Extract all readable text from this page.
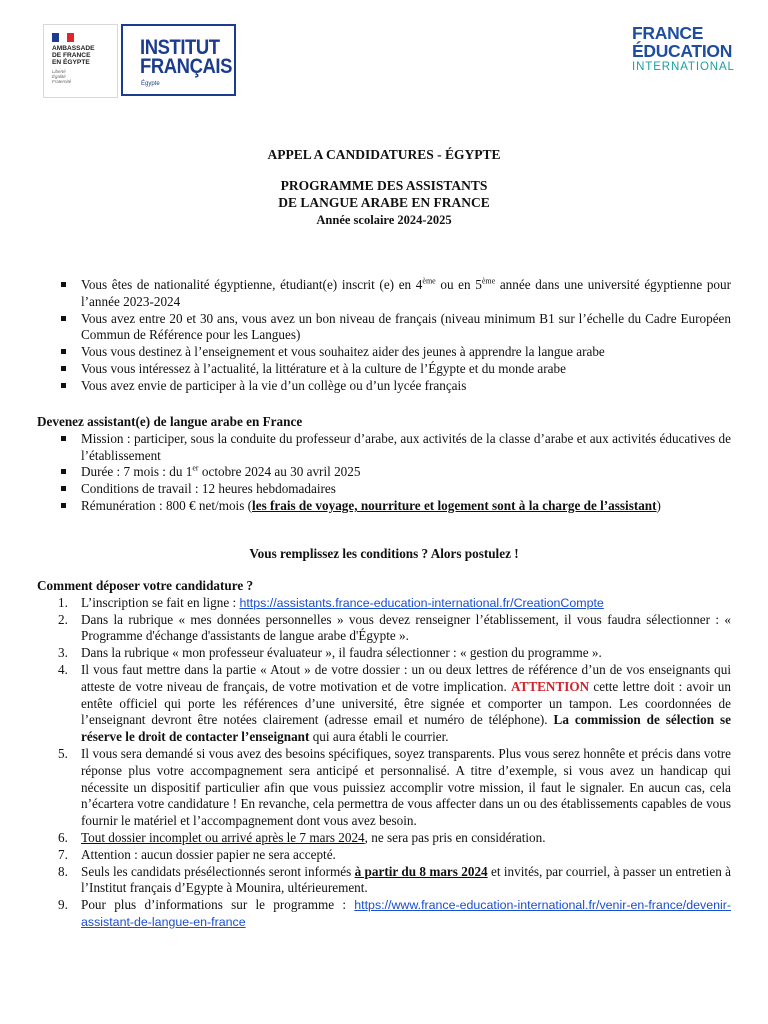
AMBASSADE
DE FRANCE
EN ÉGYPTE
Liberté
Égalité
Fraternité
INSTITUT
FRANÇAIS
Égypte
FRANCE
ÉDUCATION
INTERNATIONAL
APPEL A CANDIDATURES - ÉGYPTE
PROGRAMME DES ASSISTANTS
DE LANGUE ARABE EN FRANCE
Année scolaire 2024-2025
Vous êtes de nationalité égyptienne, étudiant(e) inscrit (e) en 4ème ou en 5ème année dans une université égyptienne pour l’année 2023-2024
Vous avez entre 20 et 30 ans, vous avez un bon niveau de français (niveau minimum B1 sur l’échelle du Cadre Européen Commun de Référence pour les Langues)
Vous vous destinez à l’enseignement et vous souhaitez aider des jeunes à apprendre la langue arabe
Vous vous intéressez à l’actualité, la littérature et à la culture de l’Égypte et du monde arabe
Vous avez envie de participer à la vie d’un collège ou d’un lycée français
Devenez assistant(e) de langue arabe en France
Mission : participer, sous la conduite du professeur d’arabe, aux activités de la classe d’arabe et aux activités éducatives de l’établissement
Durée : 7 mois : du 1er octobre 2024 au 30 avril 2025
Conditions de travail : 12 heures hebdomadaires
Rémunération : 800 € net/mois (les frais de voyage, nourriture et logement sont à la charge de l’assistant)
Vous remplissez les conditions ? Alors postulez !
Comment déposer votre candidature ?
1. L’inscription se fait en ligne : https://assistants.france-education-international.fr/CreationCompte
2. Dans la rubrique « mes données personnelles » vous devez renseigner l’établissement, il vous faudra sélectionner : « Programme d'échange d'assistants de langue arabe d'Égypte ».
3. Dans la rubrique « mon professeur évaluateur », il faudra sélectionner : « gestion du programme ».
4. Il vous faut mettre dans la partie « Atout » de votre dossier : un ou deux lettres de référence d’un de vos enseignants qui atteste de votre niveau de français, de votre motivation et de votre implication. ATTENTION cette lettre doit : avoir un entête officiel qui porte les références d’une université, être signée et comporter un tampon. Les coordonnées de l’enseignant devront être notées clairement (adresse email et numéro de téléphone). La commission de sélection se réserve le droit de contacter l’enseignant qui aura établi le courrier.
5. Il vous sera demandé si vous avez des besoins spécifiques, soyez transparents. Plus vous serez honnête et précis dans votre réponse plus votre accompagnement sera anticipé et personnalisé. A titre d’exemple, si vous avez un handicap qui nécessite un dispositif particulier afin que vous puissiez accomplir votre mission, il faut le signaler. En aucun cas, cela n’écartera votre candidature ! En revanche, cela permettra de vous affecter dans un ou des établissements capables de vous fournir le matériel et l’accompagnement dont vous avez besoin.
6. Tout dossier incomplet ou arrivé après le 7 mars 2024, ne sera pas pris en considération.
7. Attention : aucun dossier papier ne sera accepté.
8. Seuls les candidats présélectionnés seront informés à partir du 8 mars 2024 et invités, par courriel, à passer un entretien à l’Institut français d’Egypte à Mounira, ultérieurement.
9. Pour plus d’informations sur le programme : https://www.france-education-international.fr/venir-en-france/devenir-assistant-de-langue-en-france
